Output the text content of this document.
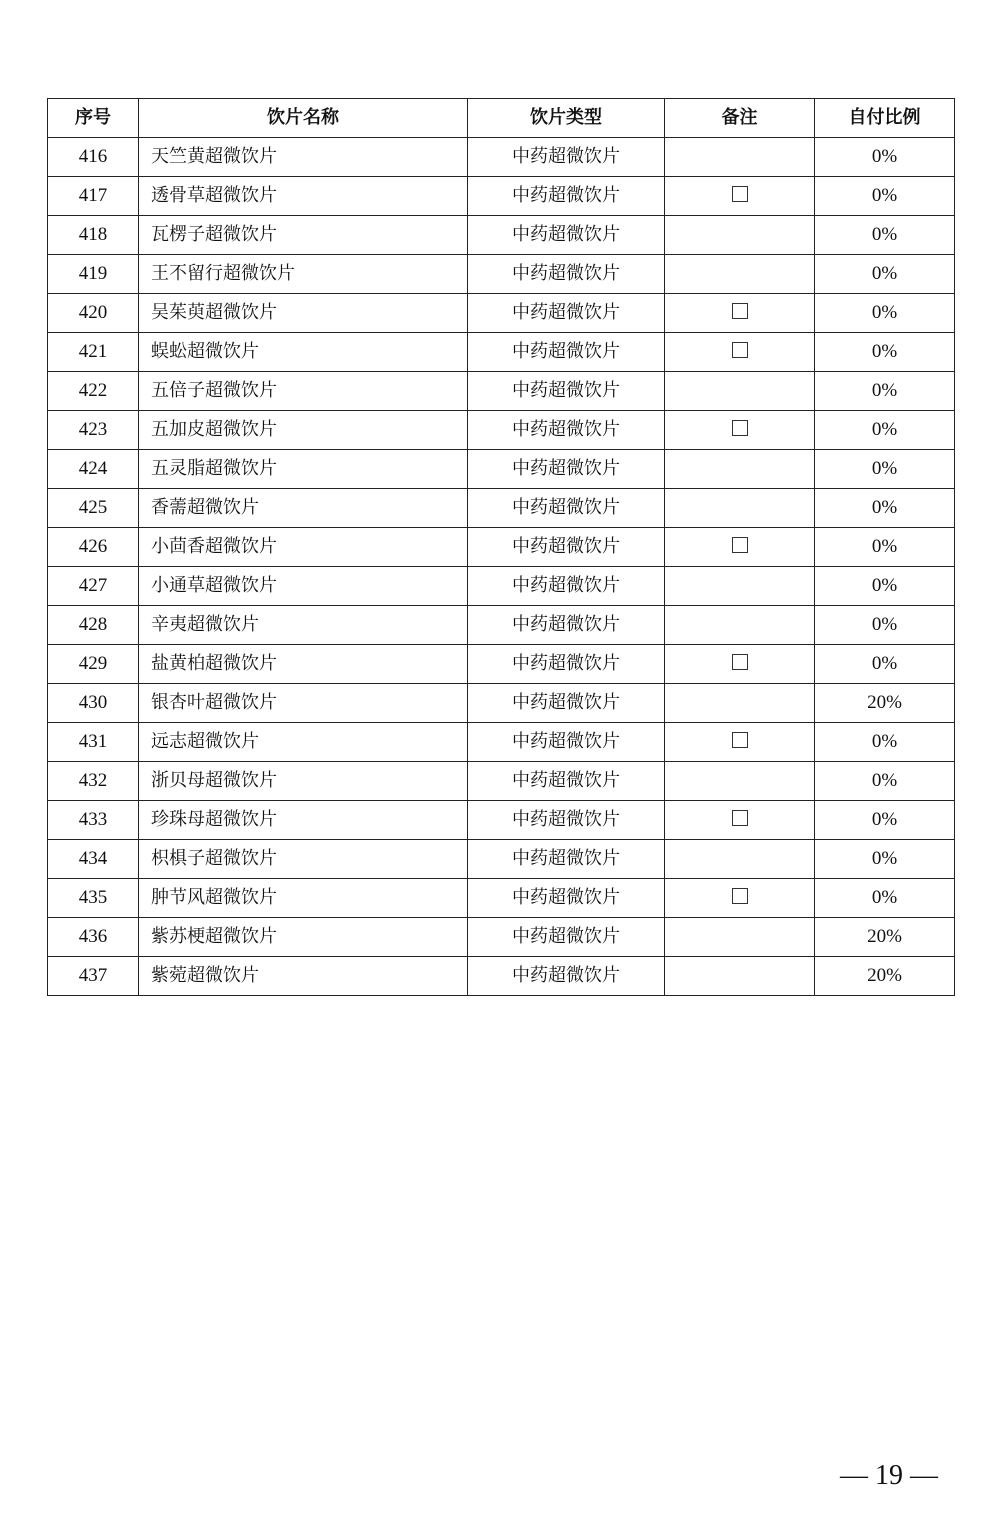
序号	饮片名称	饮片类型	备注	自付比例
416	天竺黄超微饮片	中药超微饮片		0%
417	透骨草超微饮片	中药超微饮片		0%
418	瓦楞子超微饮片	中药超微饮片		0%
419	王不留行超微饮片	中药超微饮片		0%
420	吴茱萸超微饮片	中药超微饮片		0%
421	蜈蚣超微饮片	中药超微饮片		0%
422	五倍子超微饮片	中药超微饮片		0%
423	五加皮超微饮片	中药超微饮片		0%
424	五灵脂超微饮片	中药超微饮片		0%
425	香薷超微饮片	中药超微饮片		0%
426	小茴香超微饮片	中药超微饮片		0%
427	小通草超微饮片	中药超微饮片		0%
428	辛夷超微饮片	中药超微饮片		0%
429	盐黄柏超微饮片	中药超微饮片		0%
430	银杏叶超微饮片	中药超微饮片		20%
431	远志超微饮片	中药超微饮片		0%
432	浙贝母超微饮片	中药超微饮片		0%
433	珍珠母超微饮片	中药超微饮片		0%
434	枳椇子超微饮片	中药超微饮片		0%
435	肿节风超微饮片	中药超微饮片		0%
436	紫苏梗超微饮片	中药超微饮片		20%
437	紫菀超微饮片	中药超微饮片		20%
— 19 —
